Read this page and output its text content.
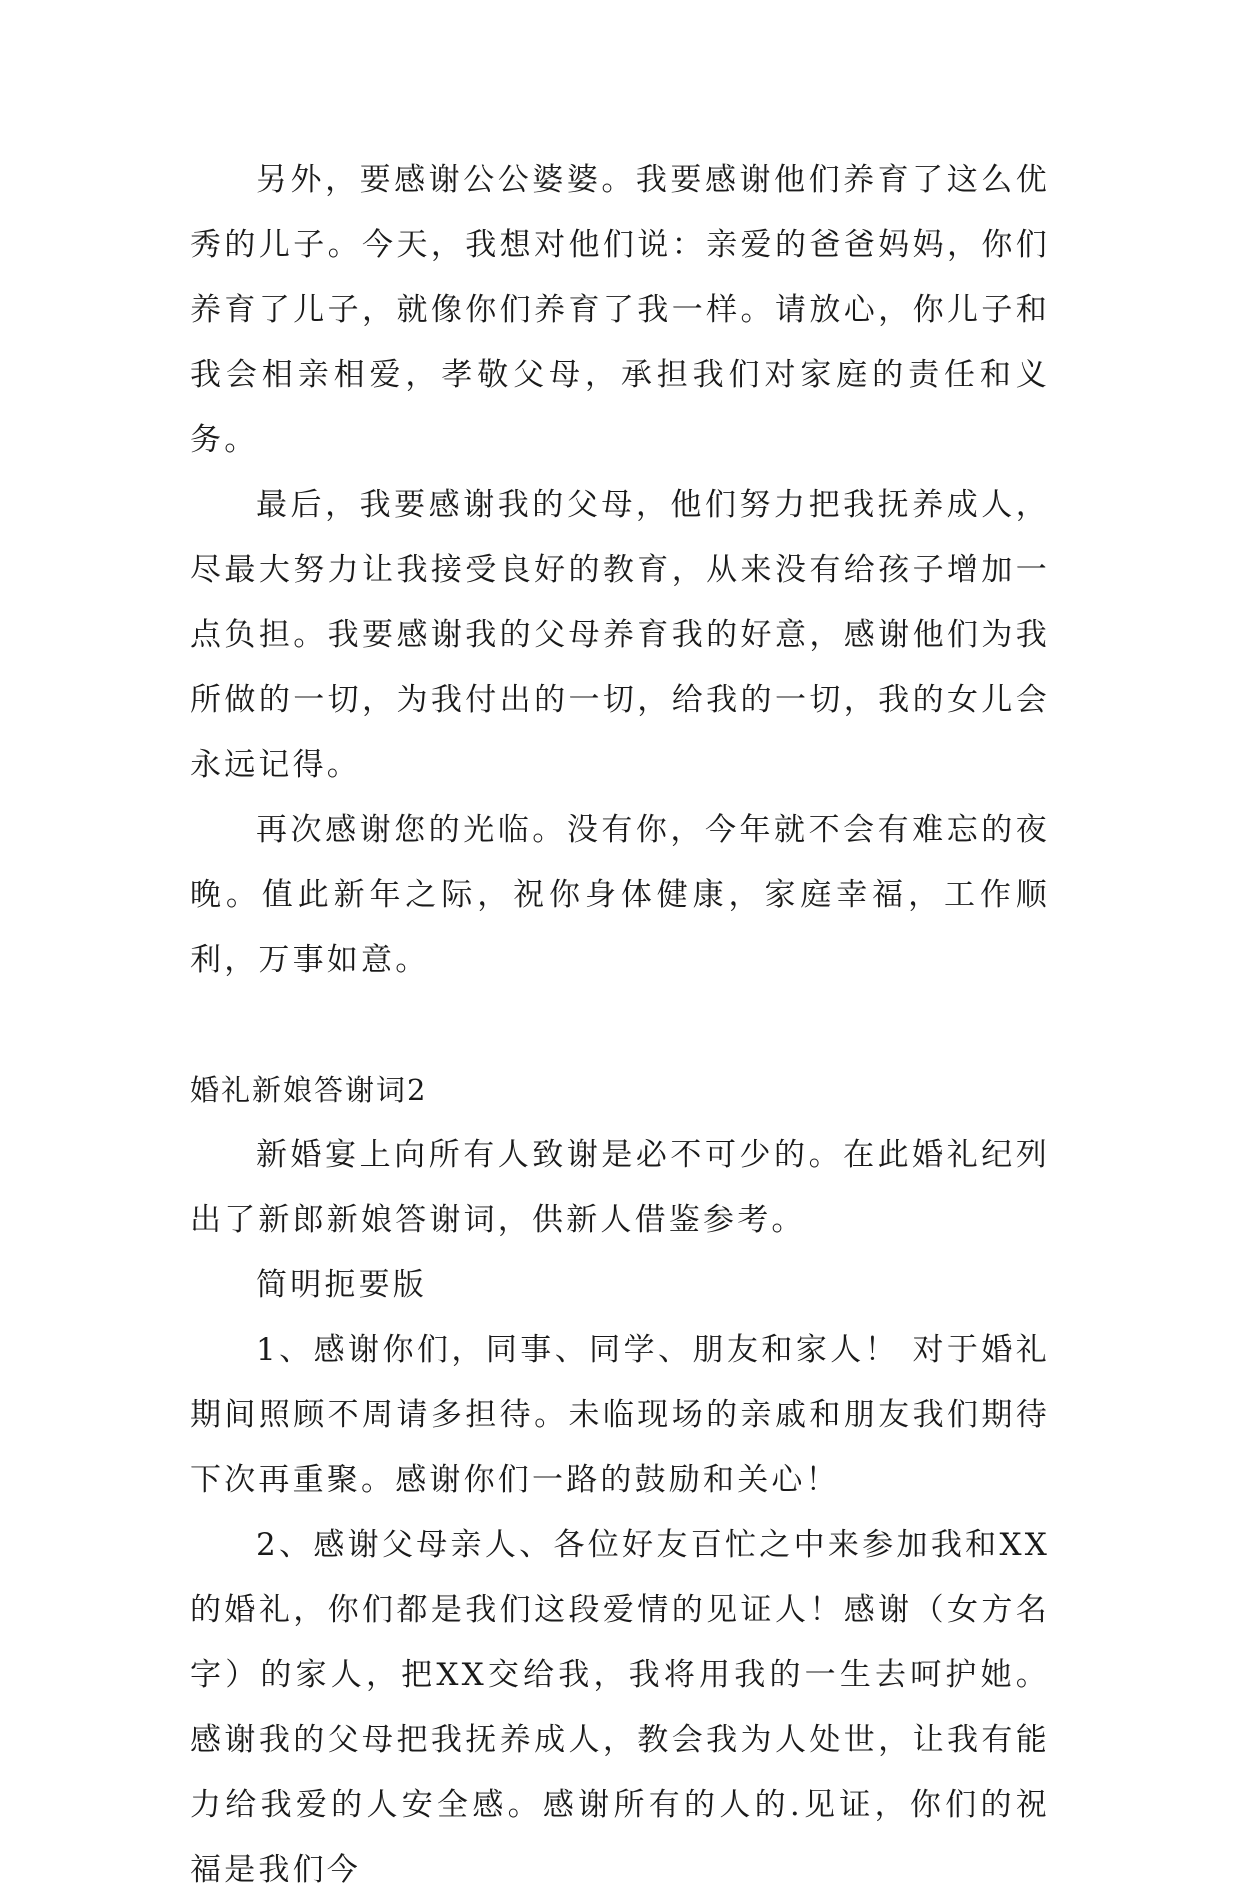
另外，要感谢公公婆婆。我要感谢他们养育了这么优秀的儿子。今天，我想对他们说：亲爱的爸爸妈妈，你们养育了儿子，就像你们养育了我一样。请放心，你儿子和我会相亲相爱，孝敬父母，承担我们对家庭的责任和义务。

最后，我要感谢我的父母，他们努力把我抚养成人，尽最大努力让我接受良好的教育，从来没有给孩子增加一点负担。我要感谢我的父母养育我的好意，感谢他们为我所做的一切，为我付出的一切，给我的一切，我的女儿会永远记得。

再次感谢您的光临。没有你，今年就不会有难忘的夜晚。值此新年之际，祝你身体健康，家庭幸福，工作顺利，万事如意。

婚礼新娘答谢词2

新婚宴上向所有人致谢是必不可少的。在此婚礼纪列出了新郎新娘答谢词，供新人借鉴参考。

简明扼要版

1、感谢你们，同事、同学、朋友和家人！ 对于婚礼期间照顾不周请多担待。未临现场的亲戚和朋友我们期待下次再重聚。感谢你们一路的鼓励和关心！

2、感谢父母亲人、各位好友百忙之中来参加我和XX的婚礼，你们都是我们这段爱情的见证人！感谢（女方名字）的家人，把XX交给我，我将用我的一生去呵护她。感谢我的父母把我抚养成人，教会我为人处世，让我有能力给我爱的人安全感。感谢所有的人的.见证，你们的祝福是我们今
